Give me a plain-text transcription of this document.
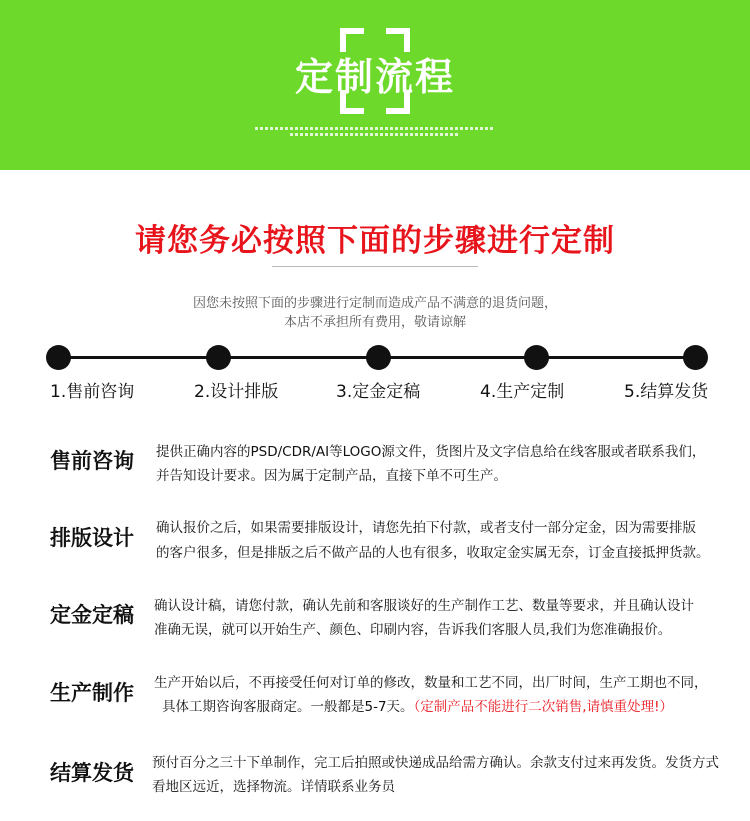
定制流程
请您务必按照下面的步骤进行定制
因您未按照下面的步骤进行定制而造成产品不满意的退货问题，
本店不承担所有费用，敬请谅解
1.售前咨询	2.设计排版	3.定金定稿	4.生产定制	5.结算发货
售前咨询 提供正确内容的PSD/CDR/AI等LOGO源文件，货图片及文字信息给在线客服或者联系我们，
并告知设计要求。因为属于定制产品，直接下单不可生产。
排版设计 确认报价之后，如果需要排版设计，请您先拍下付款，或者支付一部分定金，因为需要排版
的客户很多，但是排版之后不做产品的人也有很多，收取定金实属无奈，订金直接抵押货款。
定金定稿 确认设计稿，请您付款，确认先前和客服谈好的生产制作工艺、数量等要求，并且确认设计
准确无误，就可以开始生产、颜色、印刷内容，告诉我们客服人员,我们为您准确报价。
生产制作 生产开始以后，不再接受任何对订单的修改，数量和工艺不同，出厂时间，生产工期也不同，
具体工期咨询客服商定。一般都是5-7天。（定制产品不能进行二次销售,请慎重处理!）
结算发货 预付百分之三十下单制作，完工后拍照或快递成品给需方确认。余款支付过来再发货。发货方式
看地区远近，选择物流。详情联系业务员
